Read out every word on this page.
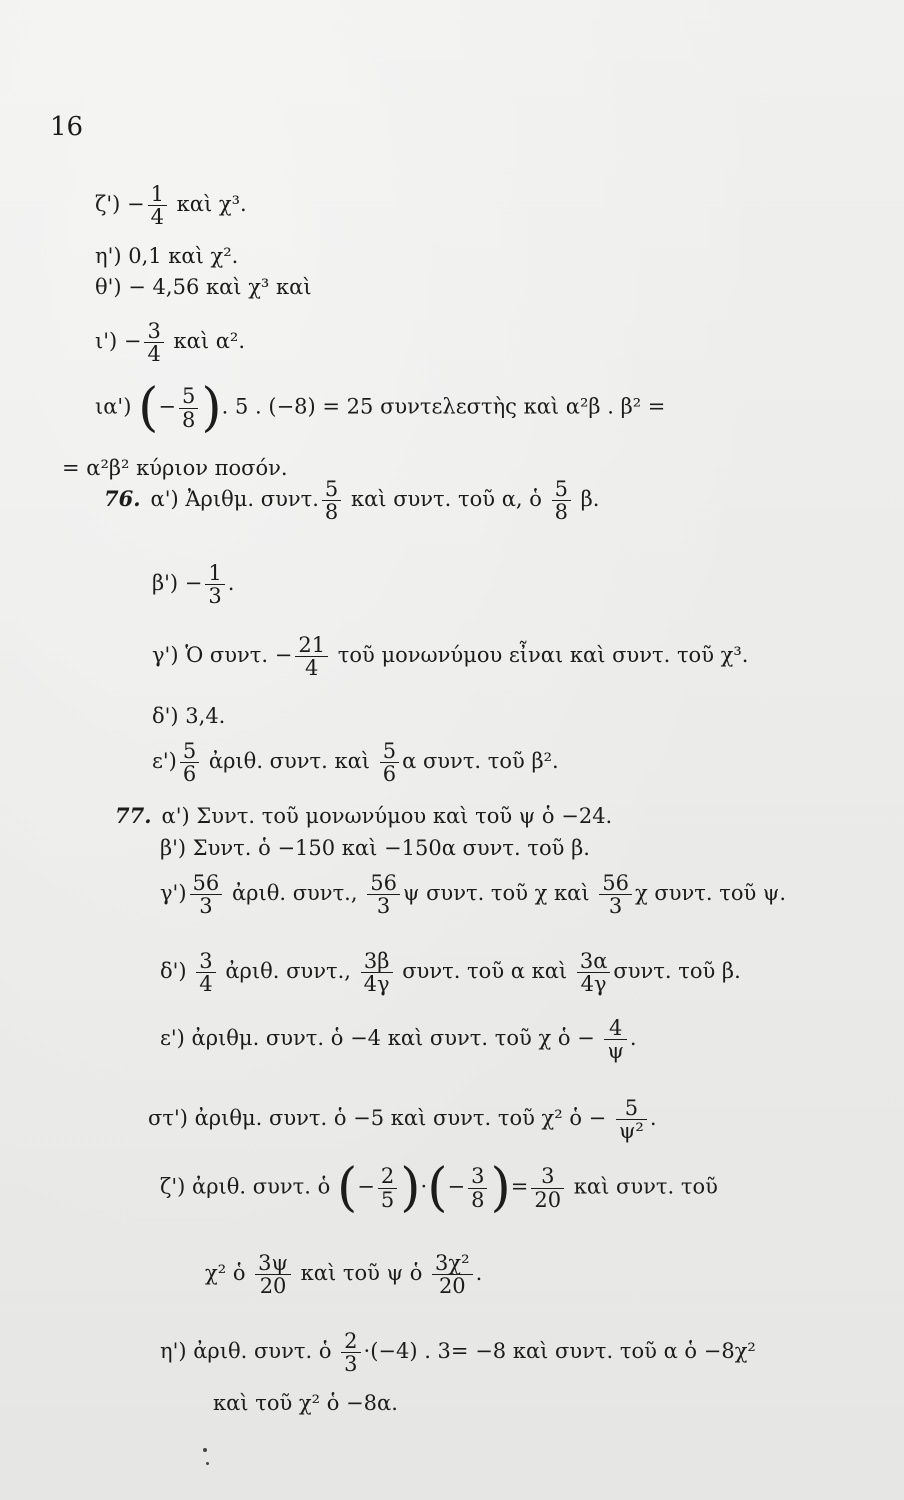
16
$\zeta') - \frac{1}{4}$ καὶ χ³.
η') 0,1 καὶ χ².
θ') − 4,56 καὶ χ³ καὶ
$\iota') - \frac{3}{4}$ καὶ α².
ια') (− $\frac{5}{8}$ ). 5 . (−8) = 25 συντελεστὴς καὶ α²β . β² =
= α²β² κύριον ποσόν.
76. α') Ἀριθμ. συντ. $\frac{5}{8}$ καὶ συντ. τοῦ α, ὁ $\frac{5}{8} \beta$.
$\beta') - \frac{1}{3}$ .
γ') Ὁ συντ. − $\frac{21}{4}$ τοῦ μονωνύμου εἶναι καὶ συντ. τοῦ χ³.
δ') 3,4.
$\varepsilon') \frac{5}{6}$ ἀριθ. συντ. καὶ $\frac{5}{6}$ α συντ. τοῦ β².
77. α') Συντ. τοῦ μονωνύμου καὶ τοῦ ψ ὁ −24.
β') Συντ. ὁ −150 καὶ −150α συντ. τοῦ β.
$\gamma') \frac{56}{3}$ ἀριθ. συντ., $\frac{56}{3}$ ψ συντ. τοῦ χ καὶ $\frac{56}{3}$ χ συντ. τοῦ ψ.
$\delta') \frac{3}{4}$ ἀριθ. συντ., $\frac{3\beta}{4\gamma} \sigma\upsilon\nu\tau$. τοῦ α καὶ $\frac{3\alpha}{4\gamma} \sigma\upsilon\nu\tau$. τοῦ β.
ε') ἀριθμ. συντ. ὁ −4 καὶ συντ. τοῦ χ ὁ − $\frac{4}{\psi}$ .
στ') ἀριθμ. συντ. ὁ −5 καὶ συντ. τοῦ χ² ὁ − $\frac{5}{\text{ψ²}}$ .
ζ') ἀριθ. συντ. ὁ (− $\frac{2}{5}$ )·(− $\frac{3}{8}$ )= $\frac{3}{20}$ καὶ συντ. τοῦ
χ² ὁ $\frac{3\psi}{20}$ καὶ τοῦ ψ ὁ $\frac{\text{3χ²}}{20}$ .
η') ἀριθ. συντ. ὁ $\frac{2}{3} \cdot(-4)$ . 3= −8 καὶ συντ. τοῦ α ὁ −8χ²
καὶ τοῦ χ² ὁ −8α.
